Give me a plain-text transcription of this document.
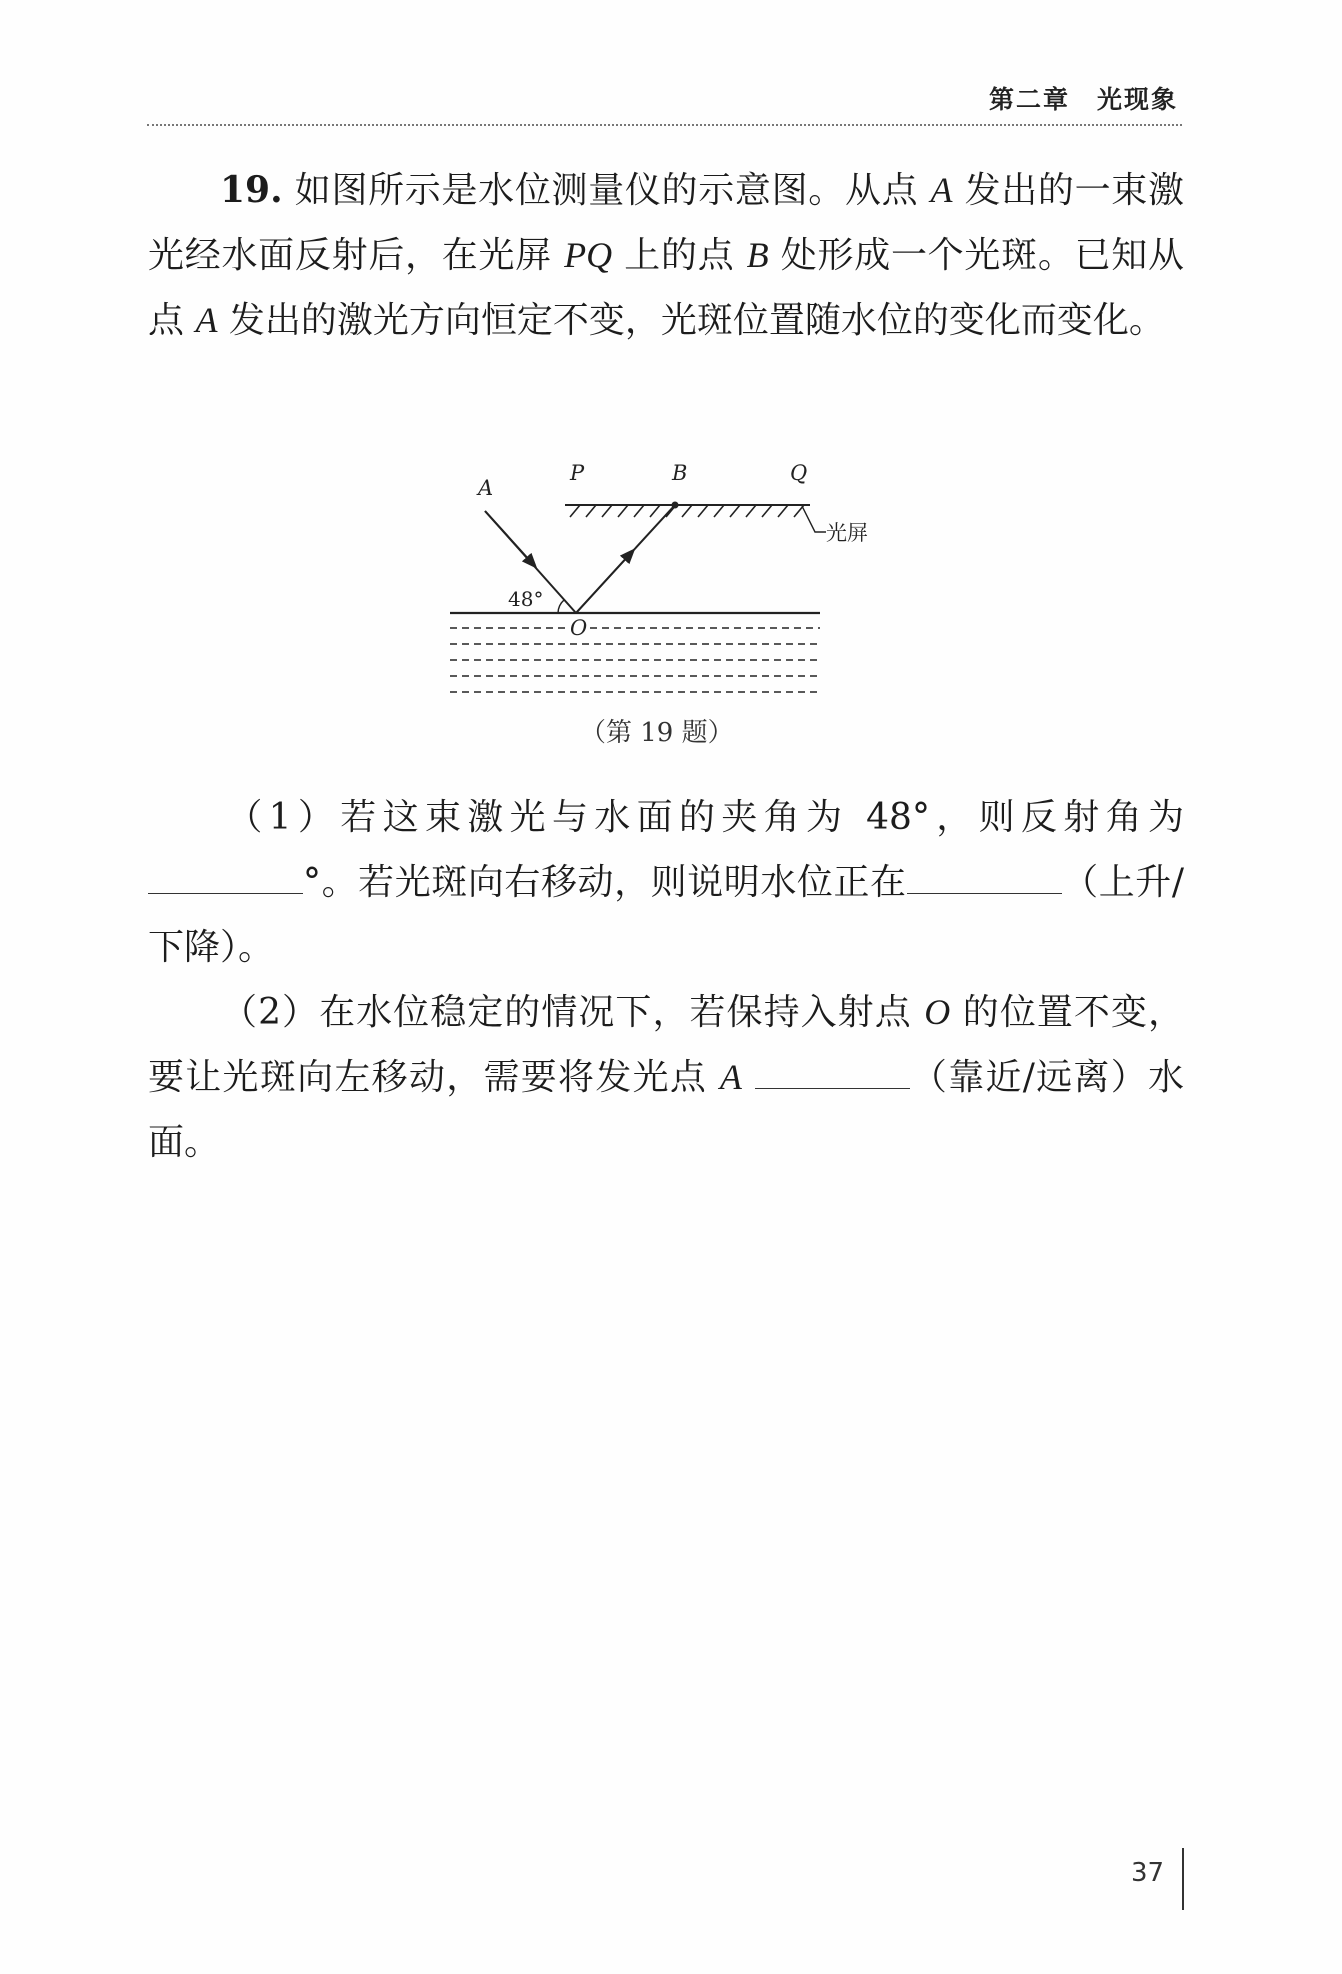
第二章　光现象
19. 如图所示是水位测量仪的示意图。从点 A 发出的一束激光经水面反射后，在光屏 PQ 上的点 B 处形成一个光斑。已知从点 A 发出的激光方向恒定不变，光斑位置随水位的变化而变化。
光屏
A
P	B	Q
48°
O
（第 19 题）
（1）若这束激光与水面的夹角为 48°，则反射角为°。若光斑向右移动，则说明水位正在	（上升/下降）。
（2）在水位稳定的情况下，若保持入射点 O 的位置不变，要让光斑向左移动，需要将发光点 A	（靠近/远离）水面。
37
